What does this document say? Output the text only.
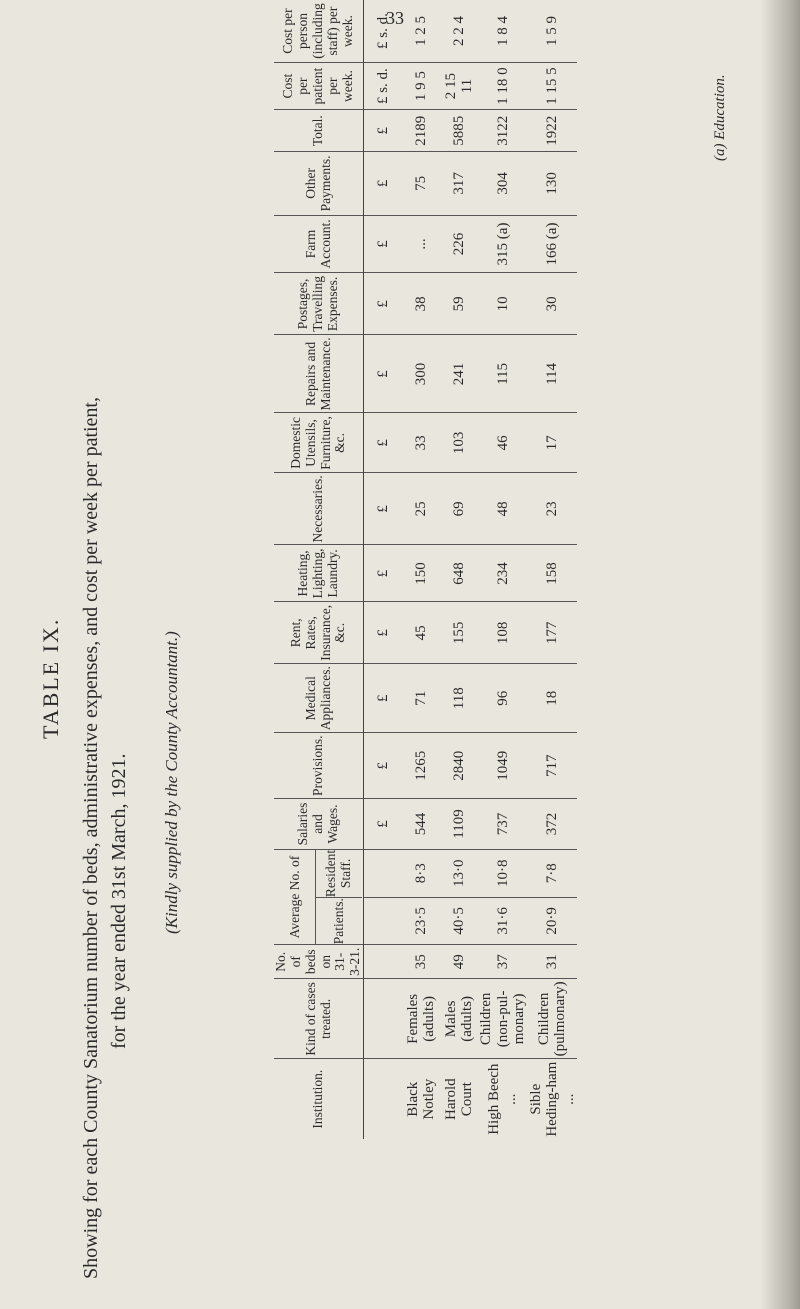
33
TABLE IX. Showing for each County Sanatorium number of beds, administrative expenses, and cost per week per patient, for the year ended 31st March, 1921. (Kindly supplied by the County Accountant.)
Institution.	Kind of cases treated.	No. of beds on 31-3-21.	Average No. of Patients.
Resident Staff.		Salaries and Wages.	Provisions.	Medical Appliances.	Rent, Rates, Insurance, &c.	Heating, Lighting, Laundry.	Necessaries.	Domestic Utensils, Furniture, &c.	Repairs and Maintenance.	Postages, Travelling Expenses.	Farm Account.	Other Payments.	Total.	Cost per patient per week.	Cost per person (including staff) per week.
					£	£	£	£	£	£	£	£	£	£	£	£	£ s. d.	£ s. d.
Black Notley	Females (adults)	35	23·5	8·3	544	1265	71	45	150	25	33	300	38	...	75	2189	1 9 5	1 2 5
Harold Court	Males (adults)	49	40·5	13·0	1109	2840	118	155	648	69	103	241	59	226	317	5885	2 15 11	2 2 4
High Beech ...	Children (non-pul-monary)	37	31·6	10·8	737	1049	96	108	234	48	46	115	10	315 (a)	304	3122	1 18 0	1 8 4
Sible Heding-ham ...	Children (pulmonary)	31	20·9	7·8	372	717	18	177	158	23	17	114	30	166 (a)	130	1922	1 15 5	1 5 9
(a) Education.
